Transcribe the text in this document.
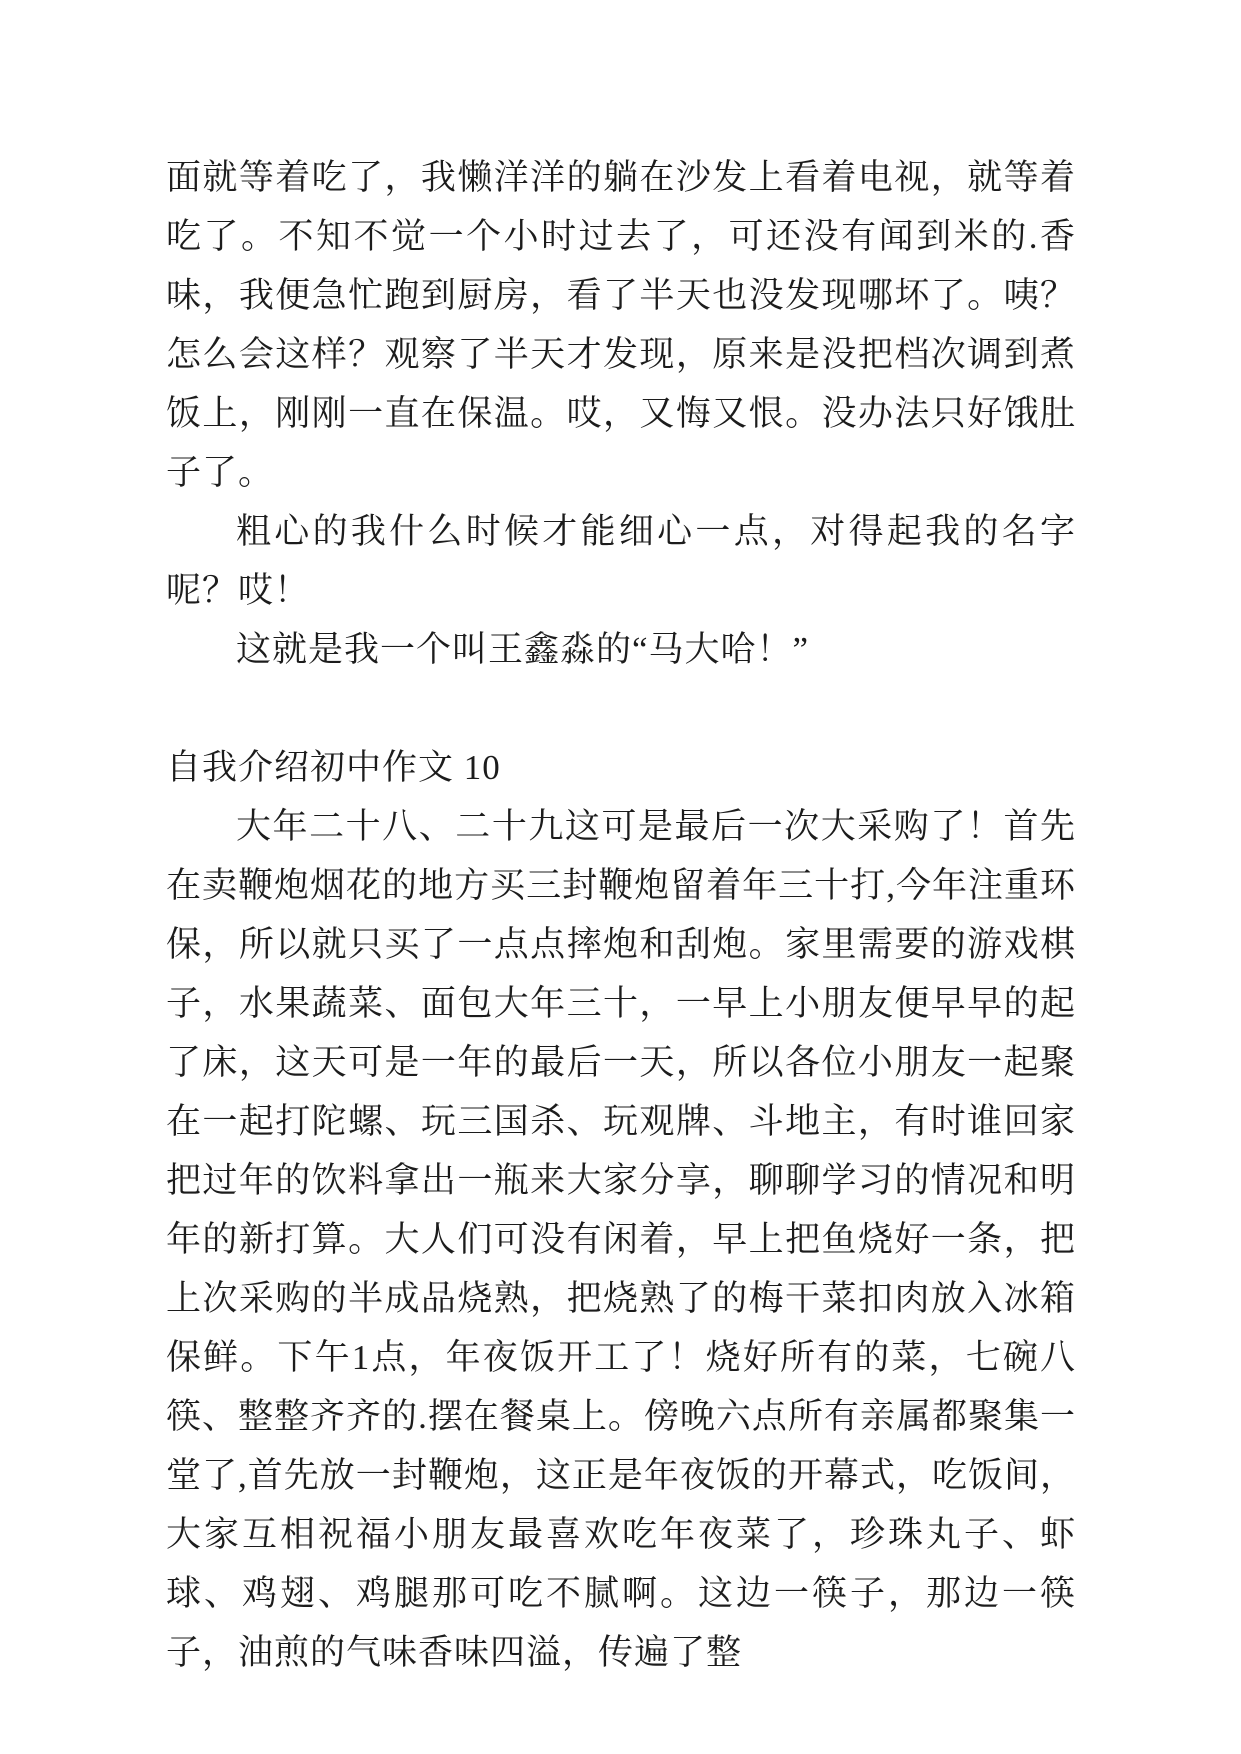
面就等着吃了，我懒洋洋的躺在沙发上看着电视，就等着吃了。不知不觉一个小时过去了，可还没有闻到米的.香味，我便急忙跑到厨房，看了半天也没发现哪坏了。咦？怎么会这样？观察了半天才发现，原来是没把档次调到煮饭上，刚刚一直在保温。哎，又悔又恨。没办法只好饿肚子了。
粗心的我什么时候才能细心一点，对得起我的名字呢？哎！
这就是我一个叫王鑫淼的“马大哈！”
自我介绍初中作文 10
大年二十八、二十九这可是最后一次大采购了！首先在卖鞭炮烟花的地方买三封鞭炮留着年三十打,今年注重环保，所以就只买了一点点摔炮和刮炮。家里需要的游戏棋子，水果蔬菜、面包大年三十，一早上小朋友便早早的起了床，这天可是一年的最后一天，所以各位小朋友一起聚在一起打陀螺、玩三国杀、玩观牌、斗地主，有时谁回家把过年的饮料拿出一瓶来大家分享，聊聊学习的情况和明年的新打算。大人们可没有闲着，早上把鱼烧好一条，把上次采购的半成品烧熟，把烧熟了的梅干菜扣肉放入冰箱保鲜。下午1点，年夜饭开工了！烧好所有的菜，七碗八筷、整整齐齐的.摆在餐桌上。傍晚六点所有亲属都聚集一堂了,首先放一封鞭炮，这正是年夜饭的开幕式，吃饭间，大家互相祝福小朋友最喜欢吃年夜菜了，珍珠丸子、虾球、鸡翅、鸡腿那可吃不腻啊。这边一筷子，那边一筷子，油煎的气味香味四溢，传遍了整
